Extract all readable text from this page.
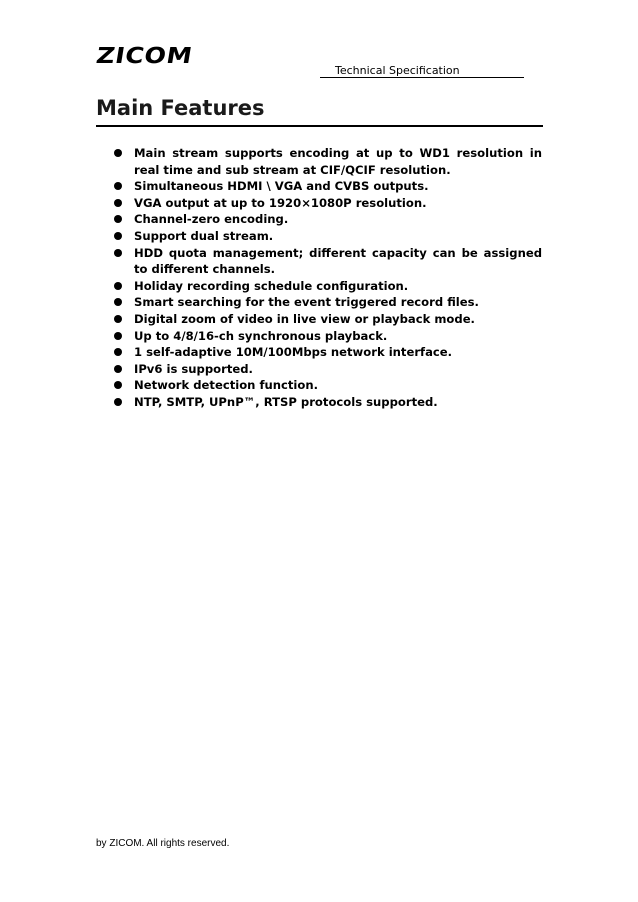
ZICOM
Technical Specification
Main Features
Main stream supports encoding at up to WD1 resolution in real time and sub stream at CIF/QCIF resolution.
Simultaneous HDMI \ VGA and CVBS outputs.
VGA output at up to 1920×1080P resolution.
Channel-zero encoding.
Support dual stream.
HDD quota management; different capacity can be assigned to different channels.
Holiday recording schedule configuration.
Smart searching for the event triggered record files.
Digital zoom of video in live view or playback mode.
Up to 4/8/16-ch synchronous playback.
1 self-adaptive 10M/100Mbps network interface.
IPv6 is supported.
Network detection function.
NTP, SMTP, UPnP™, RTSP protocols supported.
by ZICOM. All rights reserved.
